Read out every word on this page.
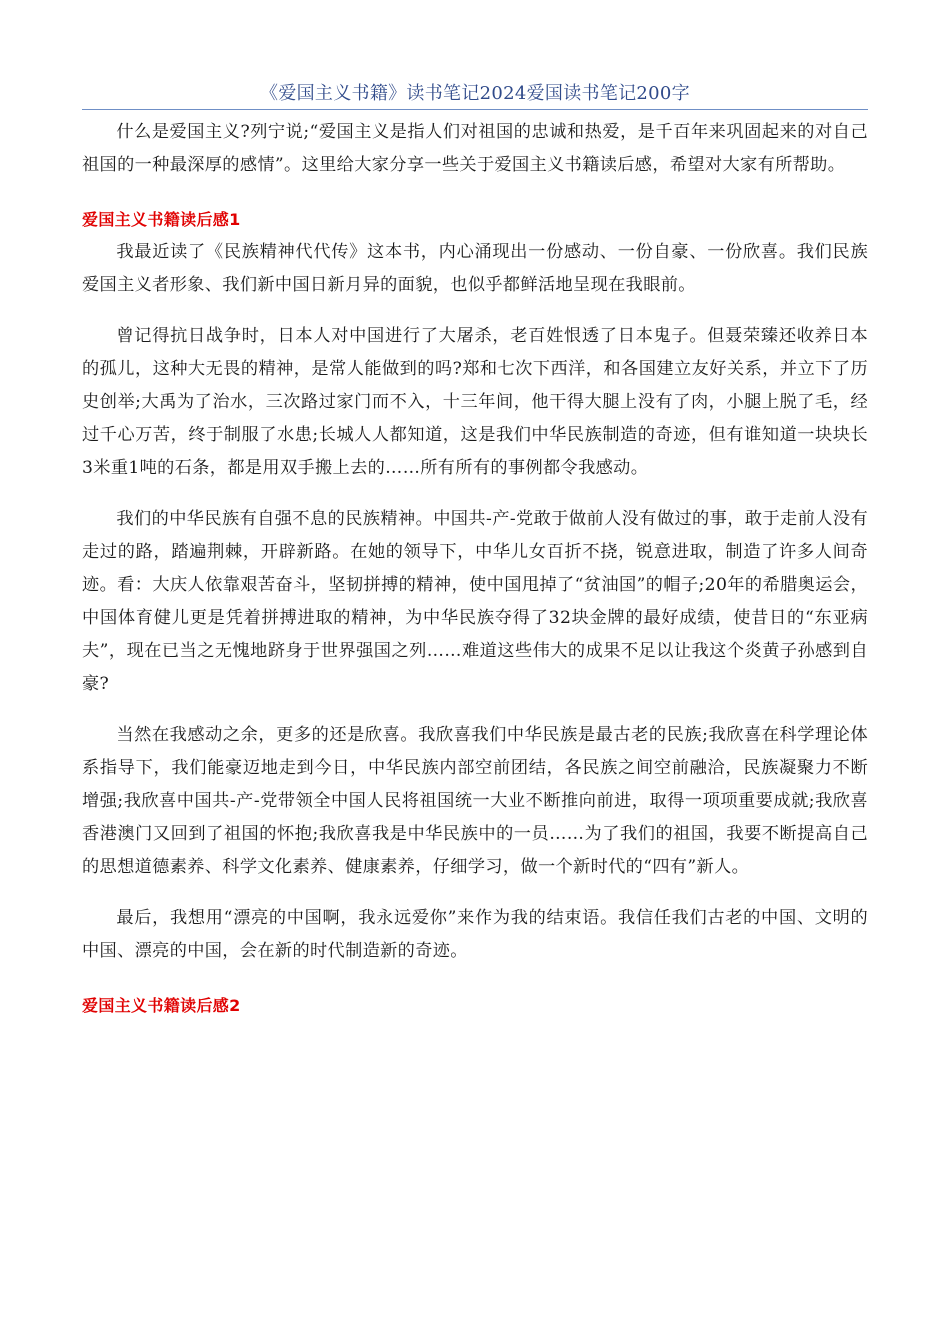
《爱国主义书籍》读书笔记2024爱国读书笔记200字

什么是爱国主义?列宁说;“爱国主义是指人们对祖国的忠诚和热爱，是千百年来巩固起来的对自己祖国的一种最深厚的感情”。这里给大家分享一些关于爱国主义书籍读后感，希望对大家有所帮助。

爱国主义书籍读后感1

我最近读了《民族精神代代传》这本书，内心涌现出一份感动、一份自豪、一份欣喜。我们民族爱国主义者形象、我们新中国日新月异的面貌，也似乎都鲜活地呈现在我眼前。

曾记得抗日战争时，日本人对中国进行了大屠杀，老百姓恨透了日本鬼子。但聂荣臻还收养日本的孤儿，这种大无畏的精神，是常人能做到的吗?郑和七次下西洋，和各国建立友好关系，并立下了历史创举;大禹为了治水，三次路过家门而不入，十三年间，他干得大腿上没有了肉，小腿上脱了毛，经过千心万苦，终于制服了水患;长城人人都知道，这是我们中华民族制造的奇迹，但有谁知道一块块长3米重1吨的石条，都是用双手搬上去的……所有所有的事例都令我感动。

我们的中华民族有自强不息的民族精神。中国共-产-党敢于做前人没有做过的事，敢于走前人没有走过的路，踏遍荆棘，开辟新路。在她的领导下，中华儿女百折不挠，锐意进取，制造了许多人间奇迹。看：大庆人依靠艰苦奋斗，坚韧拼搏的精神，使中国甩掉了“贫油国”的帽子;20年的希腊奥运会，中国体育健儿更是凭着拼搏进取的精神，为中华民族夺得了32块金牌的最好成绩，使昔日的“东亚病夫”，现在已当之无愧地跻身于世界强国之列……难道这些伟大的成果不足以让我这个炎黄子孙感到自豪?

当然在我感动之余，更多的还是欣喜。我欣喜我们中华民族是最古老的民族;我欣喜在科学理论体系指导下，我们能豪迈地走到今日，中华民族内部空前团结，各民族之间空前融洽，民族凝聚力不断增强;我欣喜中国共-产-党带领全中国人民将祖国统一大业不断推向前进，取得一项项重要成就;我欣喜香港澳门又回到了祖国的怀抱;我欣喜我是中华民族中的一员……为了我们的祖国，我要不断提高自己的思想道德素养、科学文化素养、健康素养，仔细学习，做一个新时代的“四有”新人。

最后，我想用“漂亮的中国啊，我永远爱你”来作为我的结束语。我信任我们古老的中国、文明的中国、漂亮的中国，会在新的时代制造新的奇迹。

爱国主义书籍读后感2
